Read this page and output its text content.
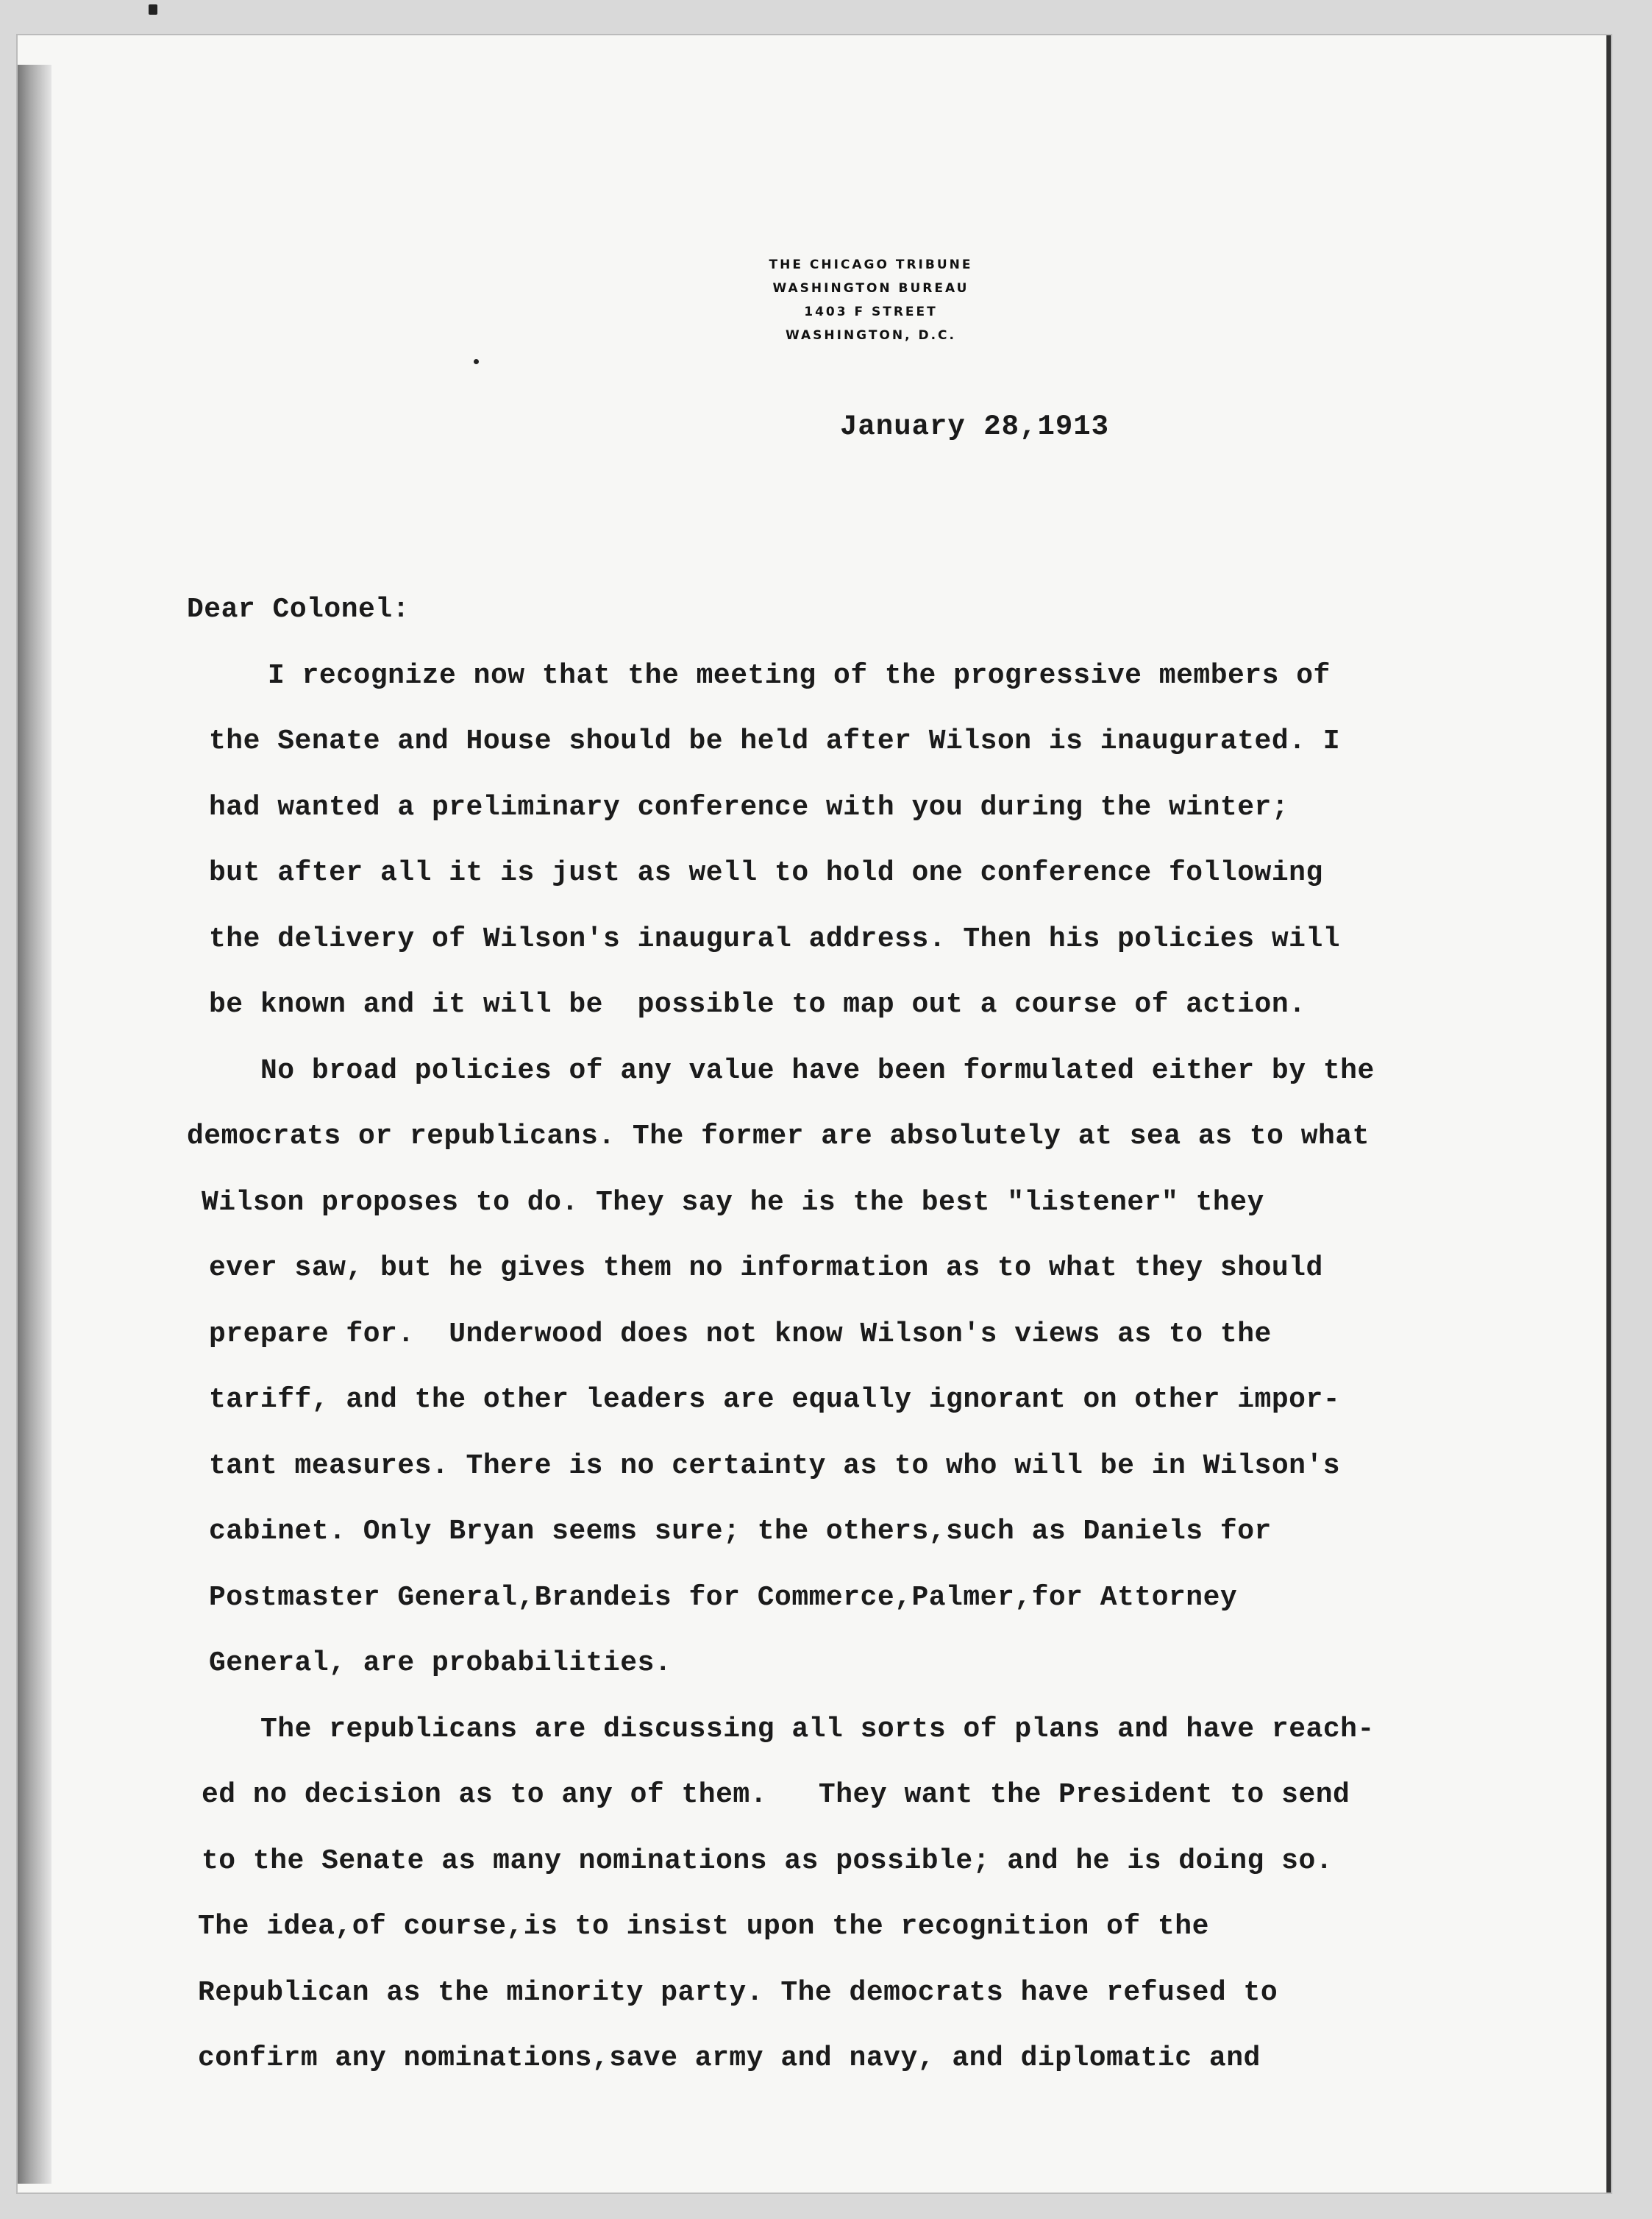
THE CHICAGO TRIBUNE
WASHINGTON BUREAU
1403 F STREET
WASHINGTON, D.C.
January 28,1913
Dear Colonel:
I recognize now that the meeting of the progressive members of
the Senate and House should be held after Wilson is inaugurated. I
had wanted a preliminary conference with you during the winter;
but after all it is just as well to hold one conference following
the delivery of Wilson's inaugural address. Then his policies will
be known and it will be  possible to map out a course of action.
No broad policies of any value have been formulated either by the
democrats or republicans. The former are absolutely at sea as to what
Wilson proposes to do. They say he is the best "listener" they
ever saw, but he gives them no information as to what they should
prepare for.  Underwood does not know Wilson's views as to the
tariff, and the other leaders are equally ignorant on other impor-
tant measures. There is no certainty as to who will be in Wilson's
cabinet. Only Bryan seems sure; the others,such as Daniels for
Postmaster General,Brandeis for Commerce,Palmer,for Attorney
General, are probabilities.
The republicans are discussing all sorts of plans and have reach-
ed no decision as to any of them.   They want the President to send
to the Senate as many nominations as possible; and he is doing so.
The idea,of course,is to insist upon the recognition of the
Republican as the minority party. The democrats have refused to
confirm any nominations,save army and navy, and diplomatic and
